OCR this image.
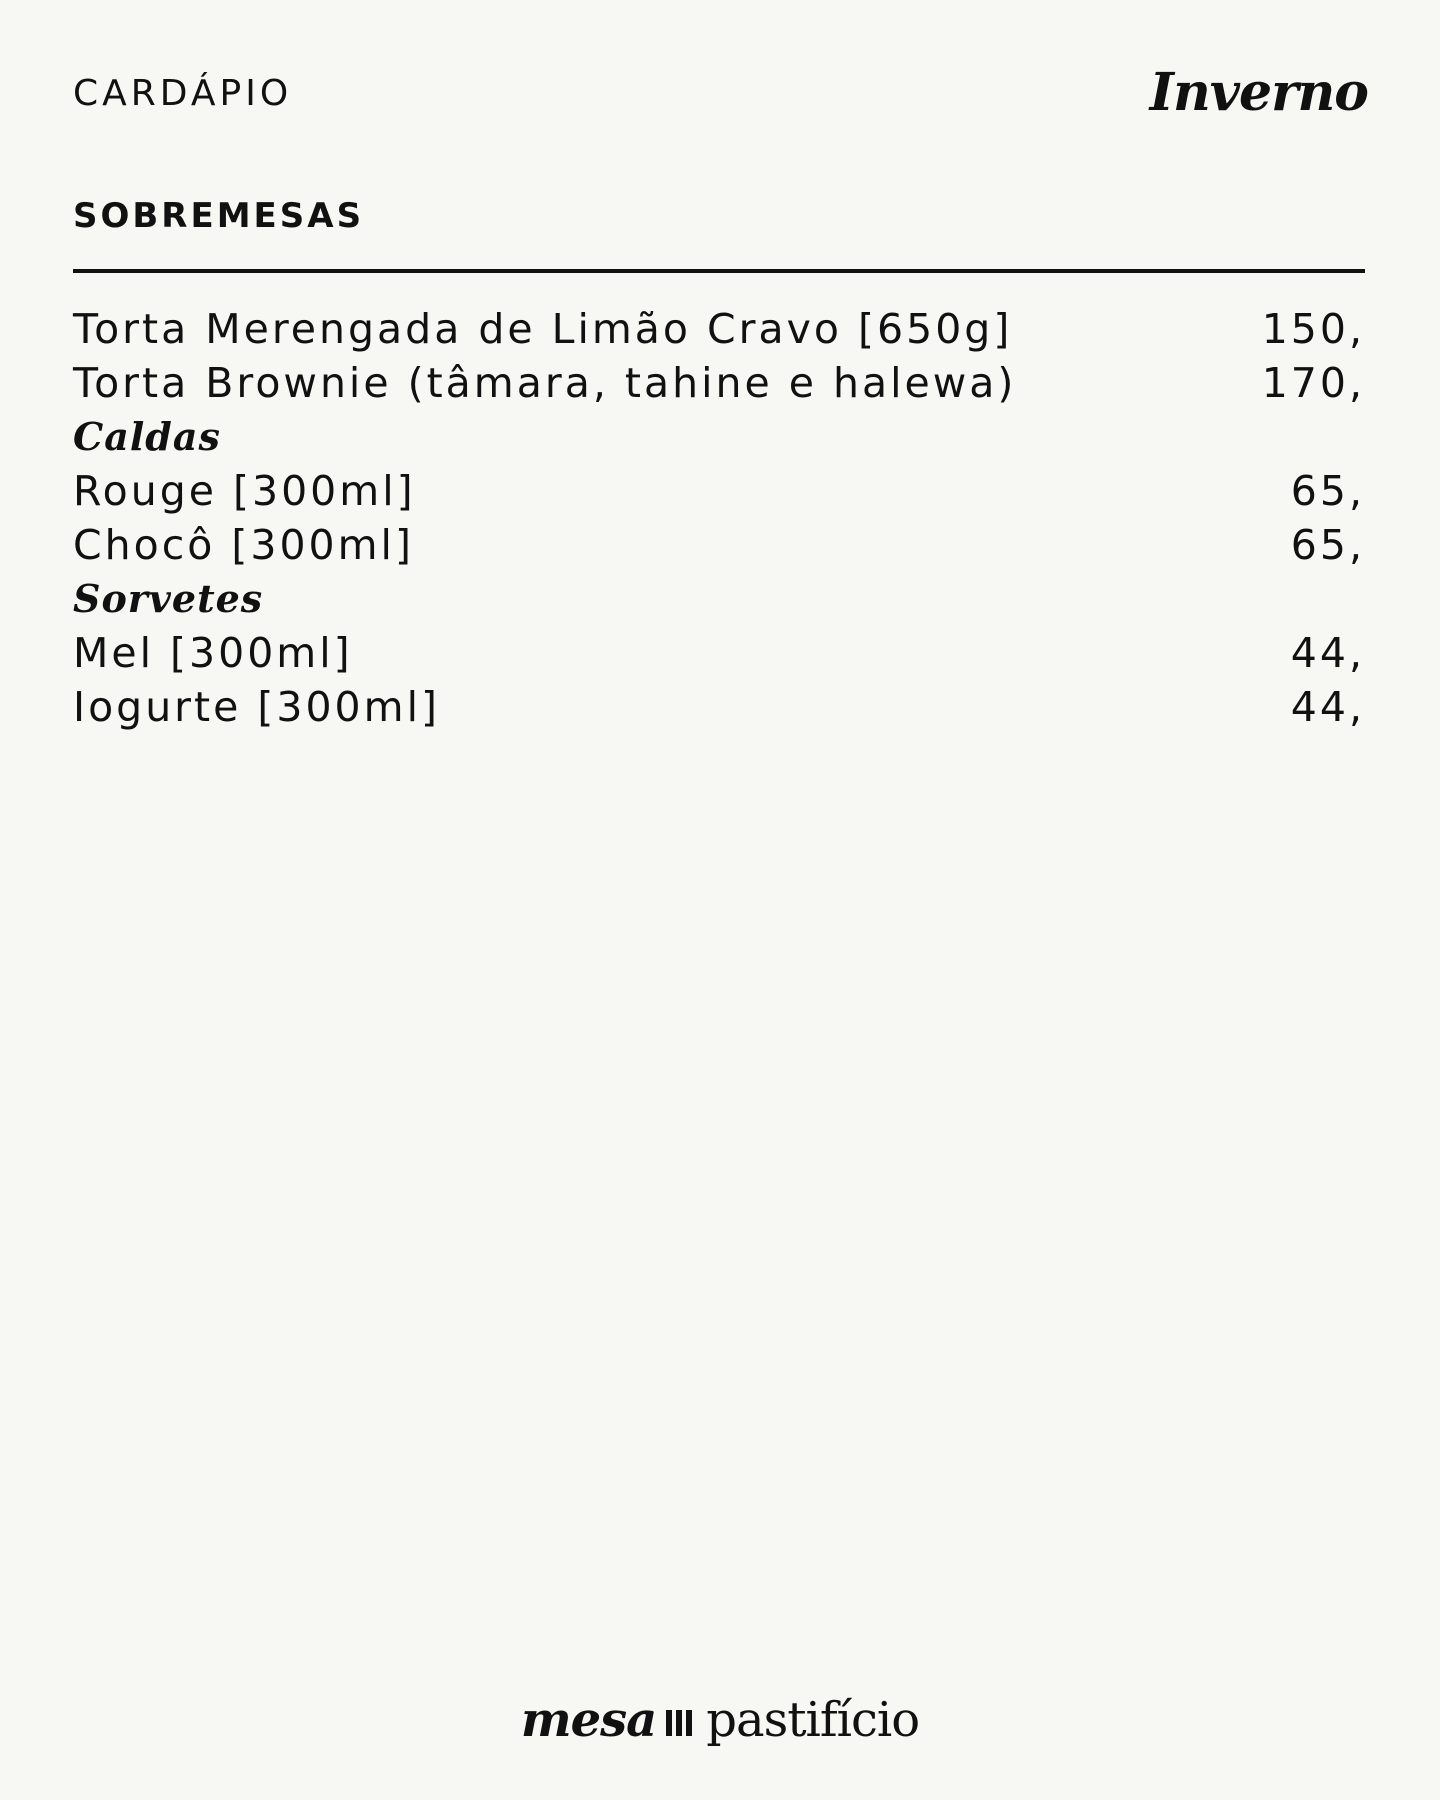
CARDÁPIO	Inverno
SOBREMESAS
Torta Merengada de Limão Cravo [650g]	150,
Torta Brownie (tâmara, tahine e halewa)	170,
Caldas
Rouge [300ml]	65,
Chocô [300ml]	65,
Sorvetes
Mel [300ml]	44,
Iogurte [300ml]	44,
mesa pastifício
